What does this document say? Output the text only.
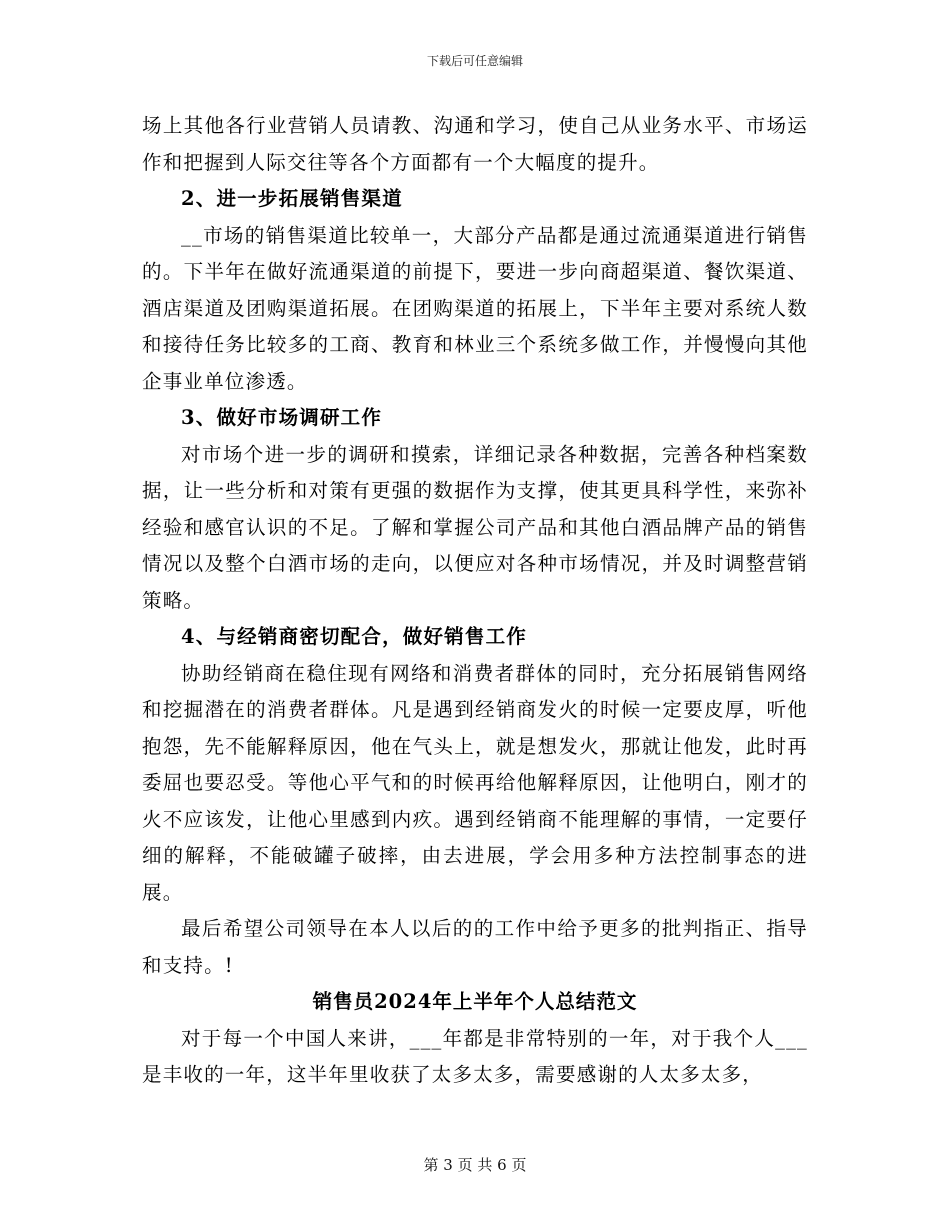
下载后可任意编辑

场上其他各行业营销人员请教、沟通和学习，使自己从业务水平、市场运作和把握到人际交往等各个方面都有一个大幅度的提升。

2、进一步拓展销售渠道

__市场的销售渠道比较单一，大部分产品都是通过流通渠道进行销售的。下半年在做好流通渠道的前提下，要进一步向商超渠道、餐饮渠道、酒店渠道及团购渠道拓展。在团购渠道的拓展上，下半年主要对系统人数和接待任务比较多的工商、教育和林业三个系统多做工作，并慢慢向其他企事业单位渗透。

3、做好市场调研工作

对市场个进一步的调研和摸索，详细记录各种数据，完善各种档案数据，让一些分析和对策有更强的数据作为支撑，使其更具科学性，来弥补经验和感官认识的不足。了解和掌握公司产品和其他白酒品牌产品的销售情况以及整个白酒市场的走向，以便应对各种市场情况，并及时调整营销策略。

4、与经销商密切配合，做好销售工作

协助经销商在稳住现有网络和消费者群体的同时，充分拓展销售网络和挖掘潜在的消费者群体。凡是遇到经销商发火的时候一定要皮厚，听他抱怨，先不能解释原因，他在气头上，就是想发火，那就让他发，此时再委屈也要忍受。等他心平气和的时候再给他解释原因，让他明白，刚才的火不应该发，让他心里感到内疚。遇到经销商不能理解的事情，一定要仔细的解释，不能破罐子破摔，由去进展，学会用多种方法控制事态的进展。

最后希望公司领导在本人以后的的工作中给予更多的批判指正、指导和支持。!

销售员2024年上半年个人总结范文

对于每一个中国人来讲，___年都是非常特别的一年，对于我个人___是丰收的一年，这半年里收获了太多太多，需要感谢的人太多太多，

第 3 页 共 6 页
